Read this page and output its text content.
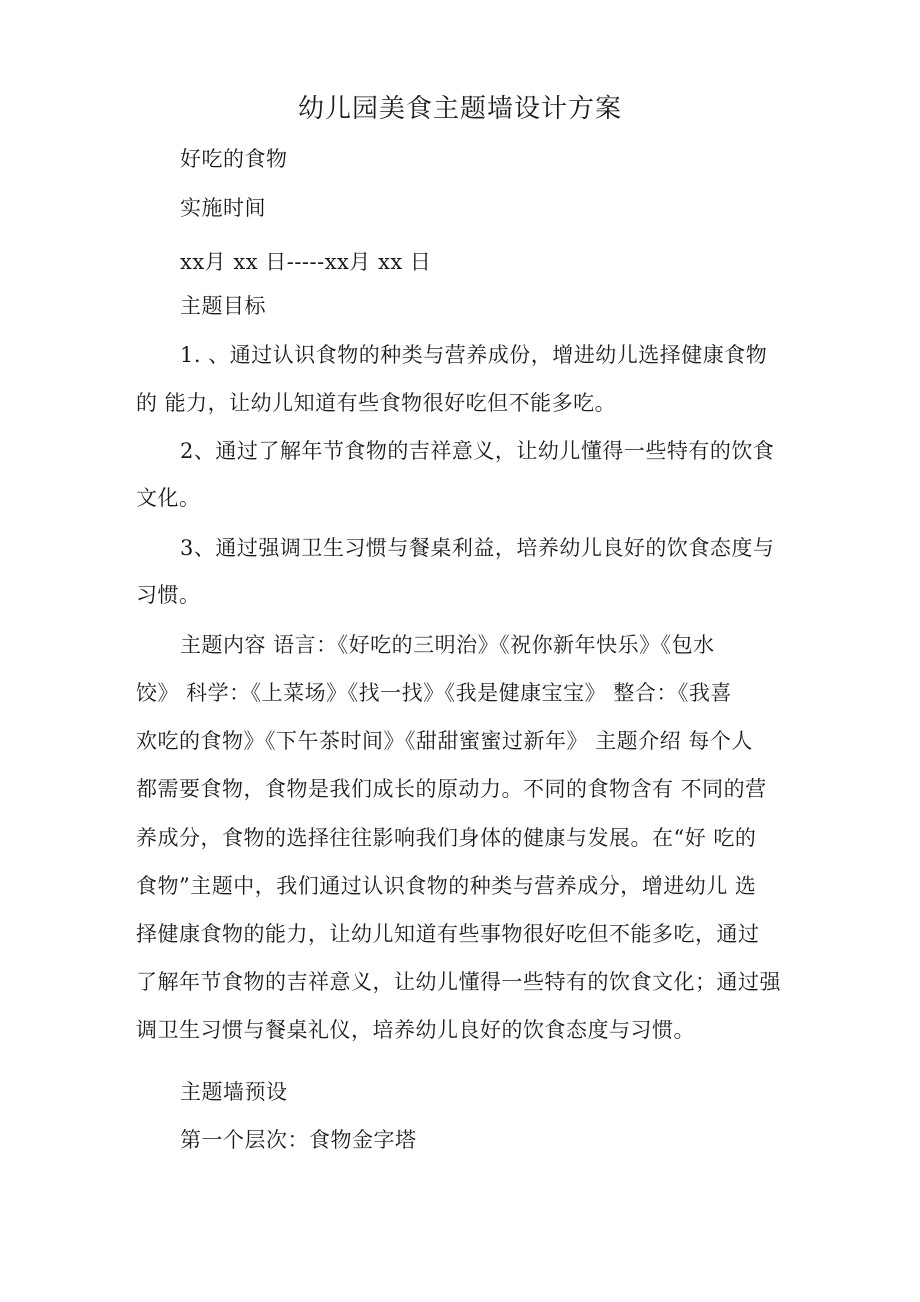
幼儿园美食主题墙设计方案
好吃的食物
实施时间
xx月 xx 日-----xx月 xx 日
主题目标
1. 、通过认识食物的种类与营养成份，增进幼儿选择健康食物
的 能力，让幼儿知道有些食物很好吃但不能多吃。
2、通过了解年节食物的吉祥意义，让幼儿懂得一些特有的饮食
文化。
3、通过强调卫生习惯与餐桌利益，培养幼儿良好的饮食态度与
习惯。
主题内容 语言：《好吃的三明治》《祝你新年快乐》《包水
饺》 科学：《上菜场》《找一找》《我是健康宝宝》 整合：《我喜
欢吃的食物》《下午茶时间》《甜甜蜜蜜过新年》 主题介绍 每个人
都需要食物，食物是我们成长的原动力。不同的食物含有 不同的营
养成分，食物的选择往往影响我们身体的健康与发展。在“好 吃的
食物”主题中，我们通过认识食物的种类与营养成分，增进幼儿 选
择健康食物的能力，让幼儿知道有些事物很好吃但不能多吃，通过
了解年节食物的吉祥意义，让幼儿懂得一些特有的饮食文化；通过强
调卫生习惯与餐桌礼仪，培养幼儿良好的饮食态度与习惯。
主题墙预设
第一个层次：食物金字塔
